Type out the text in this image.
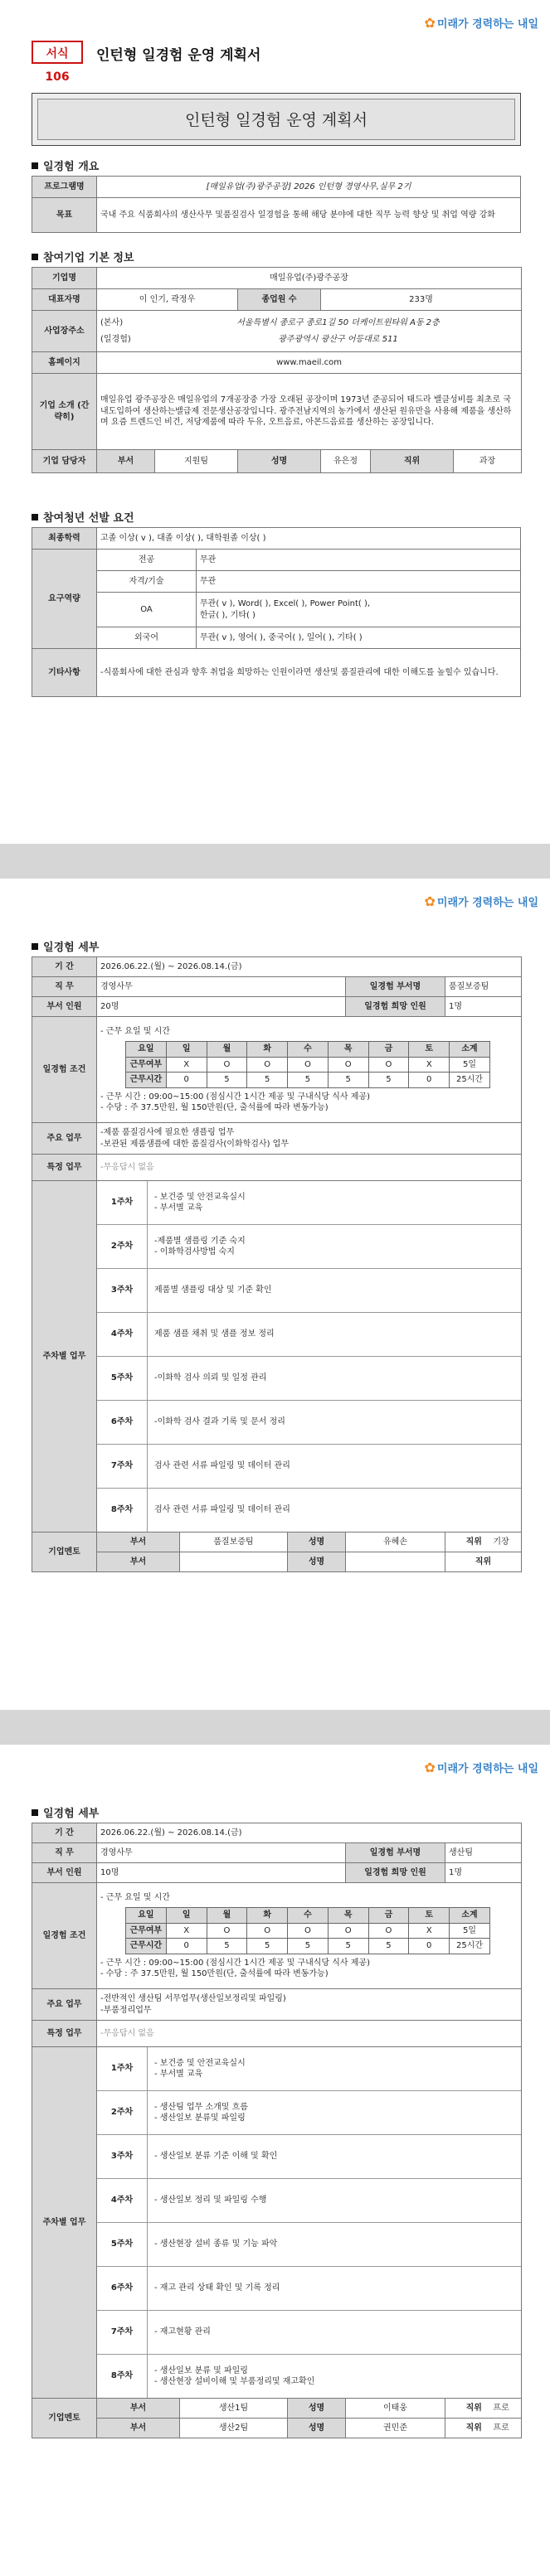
✿ 미래가 경력하는 내일
서식 106
인턴형 일경험 운영 계획서
인턴형 일경험 운영 계획서
일경험 개요
프로그램명	[매일유업(주)광주공장] 2026 인턴형 경영사무,실무 2기
목표	국내 주요 식품회사의 생산사무 및품질검사 일경험을 통해 해당 분야에 대한 직무 능력 향상 및 취업 역량 강화
참여기업 기본 정보
기업명	매일유업(주)광주공장					
대표자명	이 인기, 곽정우		종업원 수	233명		
사업장주소	(본사) 서울특별시 종로구 종로1길 50 더케이트윈타워 A동 2층
(일경험) 광주광역시 광산구 어등대로 511					

홈페이지	www.maeil.com					
기업 소개 (간략히)	매일유업 광주공장은 매일유업의 7개공장중 가장 오래된 공장이며 1973년 준공되어 태드라 밸클성비를 최초로 국내도입하여 생산하는밸급제 전문생산공장입니다. 광주전남지역의 농가에서 생산된 원유만을 사용해 제품을 생산하며 요즘 트렌드인 비건, 저당제품에 따라 두유, 오트음료, 아몬드음료를 생산하는 공장입니다.					
기업 담당자	부서	지원팀	성명	유은정	직위	과장
참여청년 선발 요건
최종학력	고졸 이상( v ), 대졸 이상( ), 대학원졸 이상( )	
요구역량	전공	무관
	자격/기술	무관
	OA	무관( v ), Word( ), Excel( ), Power Point( ),
한글( ), 기타( )

	외국어	무관( v ), 영어( ), 중국어( ), 일어( ), 기타( )
기타사항	-식품회사에 대한 관심과 향후 취업을 희망하는 인원이라면 생산및 품질관리에 대한 이해도를 높힐수 있습니다.	
✿ 미래가 경력하는 내일
일경험 세부
기 간	2026.06.22.(월) ~ 2026.08.14.(금)
직 무	경영사무	일경험 부서명	품질보증팀
부서 인원	20명	일경험 희망 인원	1명
일경험 조건	
- 근무 요일 및 시간
요일	일	월	화	수	목	금	토	소계
근무여부	X	O	O	O	O	O	X	5일
근무시간	0	5	5	5	5	5	0	25시간
- 근무 시간 : 09:00~15:00 (점심시간 1시간 제공 및 구내식당 식사 제공)
- 수당 : 주 37.5만원, 월 150만원(단, 출석률에 따라 변동가능)

주요 업무	
-제품 품질검사에 필요한 샘플링 업무
-보관된 제품샘플에 대한 품질검사(이화학검사) 업무

특정 업무	-무응답시 없음
주차별 업무	
1주차
- 보건증 및 안전교육실시
- 부서별 교육
2주차
-제품별 샘플링 기준 숙지
- 이화학검사방법 숙지
3주차	제품별 샘플링 대상 및 기준 확인
4주차	제품 샘플 채취 및 샘플 정보 정리
5주차	-이화학 검사 의뢰 및 일정 관리
6주차	-이화학 검사 결과 기록 및 문서 정리
7주차	검사 관련 서류 파일링 및 데이터 관리
8주차	검사 관련 서류 파일링 및 데이터 관리

기업멘토	부서	품질보증팀	성명	유혜손	직위 기장
부서		성명		직위
✿ 미래가 경력하는 내일
일경험 세부
기 간	2026.06.22.(월) ~ 2026.08.14.(금)
직 무	경영사무	일경험 부서명	생산팀
부서 인원	10명	일경험 희망 인원	1명
일경험 조건	
- 근무 요일 및 시간
요일	일	월	화	수	목	금	토	소계
근무여부	X	O	O	O	O	O	X	5일
근무시간	0	5	5	5	5	5	0	25시간
- 근무 시간 : 09:00~15:00 (점심시간 1시간 제공 및 구내식당 식사 제공)
- 수당 : 주 37.5만원, 월 150만원(단, 출석률에 따라 변동가능)

주요 업무	
-전반적인 생산팀 서무업무(생산일보정리및 파일링)
-부품정리업무

특정 업무	-무응답시 없음
주차별 업무	
1주차
- 보건증 및 안전교육실시
- 부서별 교육
2주차
- 생산팀 업무 소개및 흐름
- 생산일보 분류및 파일링
3주차	- 생산일보 분류 기준 이해 및 확인
4주차	- 생산일보 정리 및 파일링 수행
5주차	- 생산현장 설비 종류 및 기능 파악
6주차	- 재고 관리 상태 확인 및 기록 정리
7주차	- 재고현황 관리
8주차
- 생산일보 분류 및 파일링
- 생산현장 설비이해 및 부품정리및 재고확인

기업멘토	부서	생산1팀	성명	이태웅	직위 프로
부서	생산2팀	성명	권민준	직위 프로
